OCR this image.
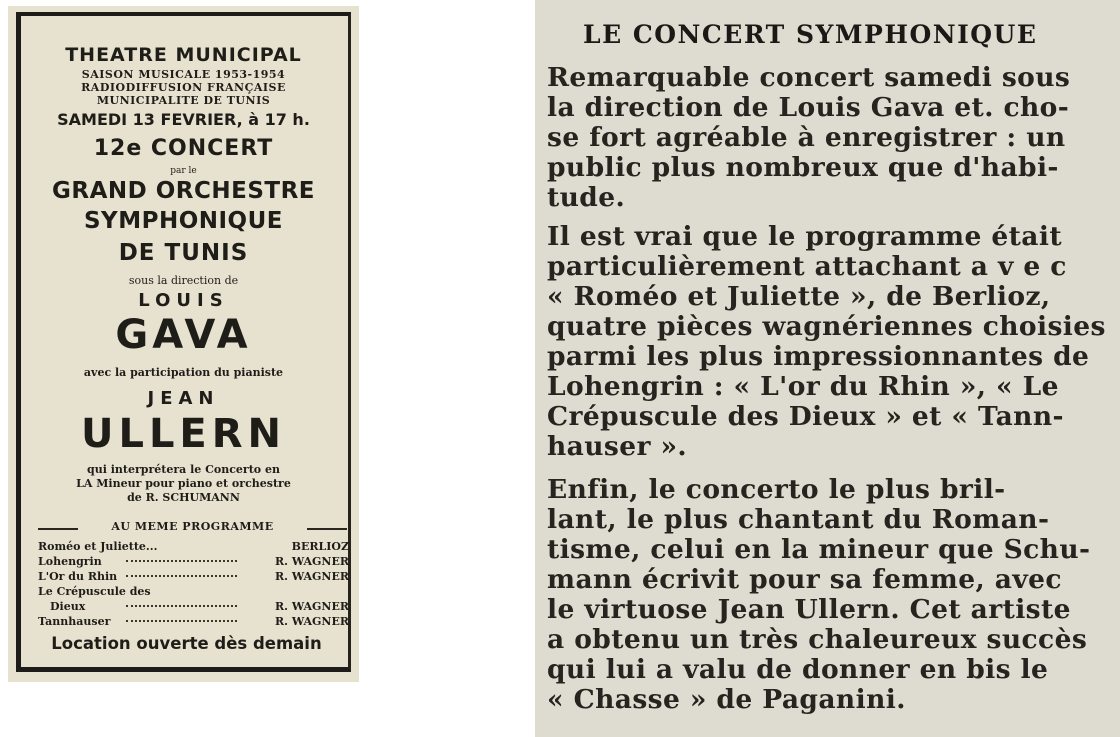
THEATRE MUNICIPAL
SAISON MUSICALE 1953-1954
RADIODIFFUSION FRANÇAISE
MUNICIPALITE DE TUNIS
SAMEDI 13 FEVRIER, à 17 h.
12e CONCERT
par le
GRAND ORCHESTRE
SYMPHONIQUE
DE TUNIS
sous la direction de
LOUIS
GAVA
avec la participation du pianiste
JEAN
ULLERN
qui interprétera le Concerto en
LA Mineur pour piano et orchestre
de R. SCHUMANN
AU MEME PROGRAMME
Roméo et Juliette...	BERLIOZ
Lohengrin	R. WAGNER
L'Or du Rhin	R. WAGNER
Le Crépuscule des
Dieux	R. WAGNER
Tannhauser	R. WAGNER
Location ouverte dès demain
LE CONCERT SYMPHONIQUE
Remarquable concert samedi sous
la direction de Louis Gava et. cho-
se fort agréable à enregistrer : un
public plus nombreux que d'habi-
tude.
Il est vrai que le programme était
particulièrement attachant a v e c
« Roméo et Juliette », de Berlioz,
quatre pièces wagnériennes choisies
parmi les plus impressionnantes de
Lohengrin : « L'or du Rhin », « Le
Crépuscule des Dieux » et « Tann-
hauser ».
Enfin, le concerto le plus bril-
lant, le plus chantant du Roman-
tisme, celui en la mineur que Schu-
mann écrivit pour sa femme, avec
le virtuose Jean Ullern. Cet artiste
a obtenu un très chaleureux succès
qui lui a valu de donner en bis le
« Chasse » de Paganini.
